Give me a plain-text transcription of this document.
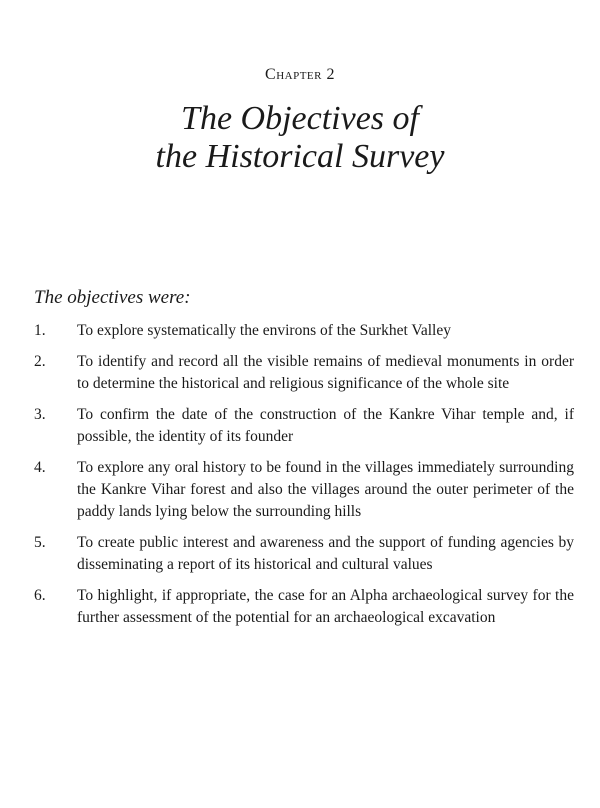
Chapter 2
The Objectives of
the Historical Survey
The objectives were:
1.	To explore systematically the environs of the Surkhet Valley
2.	To identify and record all the visible remains of medieval monuments in order to determine the historical and religious significance of the whole site
3.	To confirm the date of the construction of the Kankre Vihar temple and, if possible, the identity of its founder
4.	To explore any oral history to be found in the villages immediately surrounding the Kankre Vihar forest and also the villages around the outer perimeter of the paddy lands lying below the surrounding hills
5.	To create public interest and awareness and the support of funding agencies by disseminating a report of its historical and cultural values
6.	To highlight, if appropriate, the case for an Alpha archaeological survey for the further assessment of the potential for an archaeological excavation
